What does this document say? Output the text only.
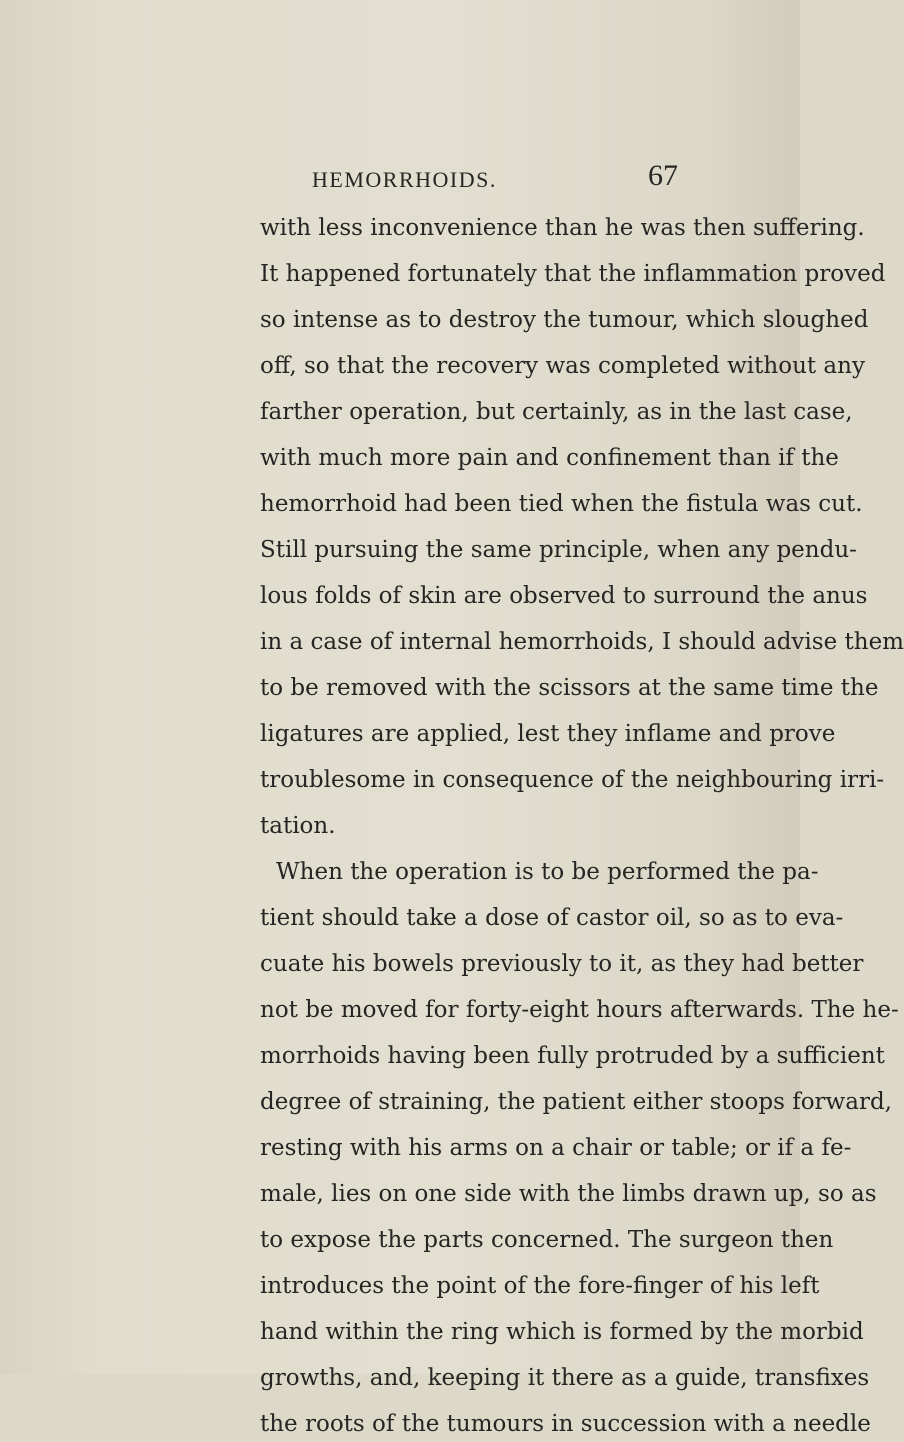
HEMORRHOIDS.	67
with less inconvenience than he was then suffering.
It happened fortunately that the inflammation proved
so intense as to destroy the tumour, which sloughed
off, so that the recovery was completed without any
farther operation, but certainly, as in the last case,
with much more pain and confinement than if the
hemorrhoid had been tied when the fistula was cut.
Still pursuing the same principle, when any pendu-
lous folds of skin are observed to surround the anus
in a case of internal hemorrhoids, I should advise them
to be removed with the scissors at the same time the
ligatures are applied, lest they inflame and prove
troublesome in consequence of the neighbouring irri-
tation.
When the operation is to be performed the pa-
tient should take a dose of castor oil, so as to eva-
cuate his bowels previously to it, as they had better
not be moved for forty-eight hours afterwards. The he-
morrhoids having been fully protruded by a sufficient
degree of straining, the patient either stoops forward,
resting with his arms on a chair or table; or if a fe-
male, lies on one side with the limbs drawn up, so as
to expose the parts concerned. The surgeon then
introduces the point of the fore-finger of his left
hand within the ring which is formed by the morbid
growths, and, keeping it there as a guide, transfixes
the roots of the tumours in succession with a needle
